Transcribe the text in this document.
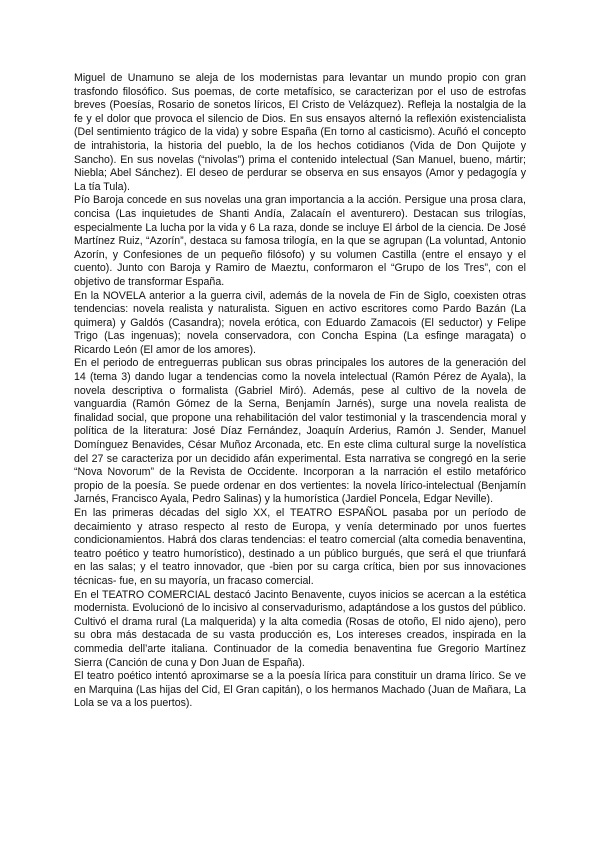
Miguel de Unamuno se aleja de los modernistas para levantar un mundo propio con gran trasfondo filosófico. Sus poemas, de corte metafísico, se caracterizan por el uso de estrofas breves (Poesías, Rosario de sonetos líricos, El Cristo de Velázquez). Refleja la nostalgia de la fe y el dolor que provoca el silencio de Dios. En sus ensayos alternó la reflexión existencialista (Del sentimiento trágico de la vida) y sobre España (En torno al casticismo). Acuñó el concepto de intrahistoria, la historia del pueblo, la de los hechos cotidianos (Vida de Don Quijote y Sancho). En sus novelas (“nivolas”) prima el contenido intelectual (San Manuel, bueno, mártir; Niebla; Abel Sánchez). El deseo de perdurar se observa en sus ensayos (Amor y pedagogía y La tía Tula).

Pío Baroja concede en sus novelas una gran importancia a la acción. Persigue una prosa clara, concisa (Las inquietudes de Shanti Andía, Zalacaín el aventurero). Destacan sus trilogías, especialmente La lucha por la vida y 6 La raza, donde se incluye El árbol de la ciencia. De José Martínez Ruiz, “Azorín”, destaca su famosa trilogía, en la que se agrupan (La voluntad, Antonio Azorín, y Confesiones de un pequeño filósofo) y su volumen Castilla (entre el ensayo y el cuento). Junto con Baroja y Ramiro de Maeztu, conformaron el “Grupo de los Tres”, con el objetivo de transformar España.

En la NOVELA anterior a la guerra civil, además de la novela de Fin de Siglo, coexisten otras tendencias: novela realista y naturalista. Siguen en activo escritores como Pardo Bazán (La quimera) y Galdós (Casandra); novela erótica, con Eduardo Zamacois (El seductor) y Felipe Trigo (Las ingenuas); novela conservadora, con Concha Espina (La esfinge maragata) o Ricardo León (El amor de los amores).

En el periodo de entreguerras publican sus obras principales los autores de la generación del 14 (tema 3) dando lugar a tendencias como la novela intelectual (Ramón Pérez de Ayala), la novela descriptiva o formalista (Gabriel Miró). Además, pese al cultivo de la novela de vanguardia (Ramón Gómez de la Serna, Benjamín Jarnés), surge una novela realista de finalidad social, que propone una rehabilitación del valor testimonial y la trascendencia moral y política de la literatura: José Díaz Fernández, Joaquín Arderius, Ramón J. Sender, Manuel Domínguez Benavides, César Muñoz Arconada, etc. En este clima cultural surge la novelística del 27 se caracteriza por un decidido afán experimental. Esta narrativa se congregó en la serie “Nova Novorum” de la Revista de Occidente. Incorporan a la narración el estilo metafórico propio de la poesía. Se puede ordenar en dos vertientes: la novela lírico-intelectual (Benjamín Jarnés, Francisco Ayala, Pedro Salinas) y la humorística (Jardiel Poncela, Edgar Neville).

En las primeras décadas del siglo XX, el TEATRO ESPAÑOL pasaba por un período de decaimiento y atraso respecto al resto de Europa, y venía determinado por unos fuertes condicionamientos. Habrá dos claras tendencias: el teatro comercial (alta comedia benaventina, teatro poético y teatro humorístico), destinado a un público burgués, que será el que triunfará en las salas; y el teatro innovador, que -bien por su carga crítica, bien por sus innovaciones técnicas- fue, en su mayoría, un fracaso comercial.

En el TEATRO COMERCIAL destacó Jacinto Benavente, cuyos inicios se acercan a la estética modernista. Evolucionó de lo incisivo al conservadurismo, adaptándose a los gustos del público. Cultivó el drama rural (La malquerida) y la alta comedia (Rosas de otoño, El nido ajeno), pero su obra más destacada de su vasta producción es, Los intereses creados, inspirada en la commedia dell’arte italiana. Continuador de la comedia benaventina fue Gregorio Martínez Sierra (Canción de cuna y Don Juan de España).

El teatro poético intentó aproximarse se a la poesía lírica para constituir un drama lírico. Se ve en Marquina (Las hijas del Cid, El Gran capitán), o los hermanos Machado (Juan de Mañara, La Lola se va a los puertos).
